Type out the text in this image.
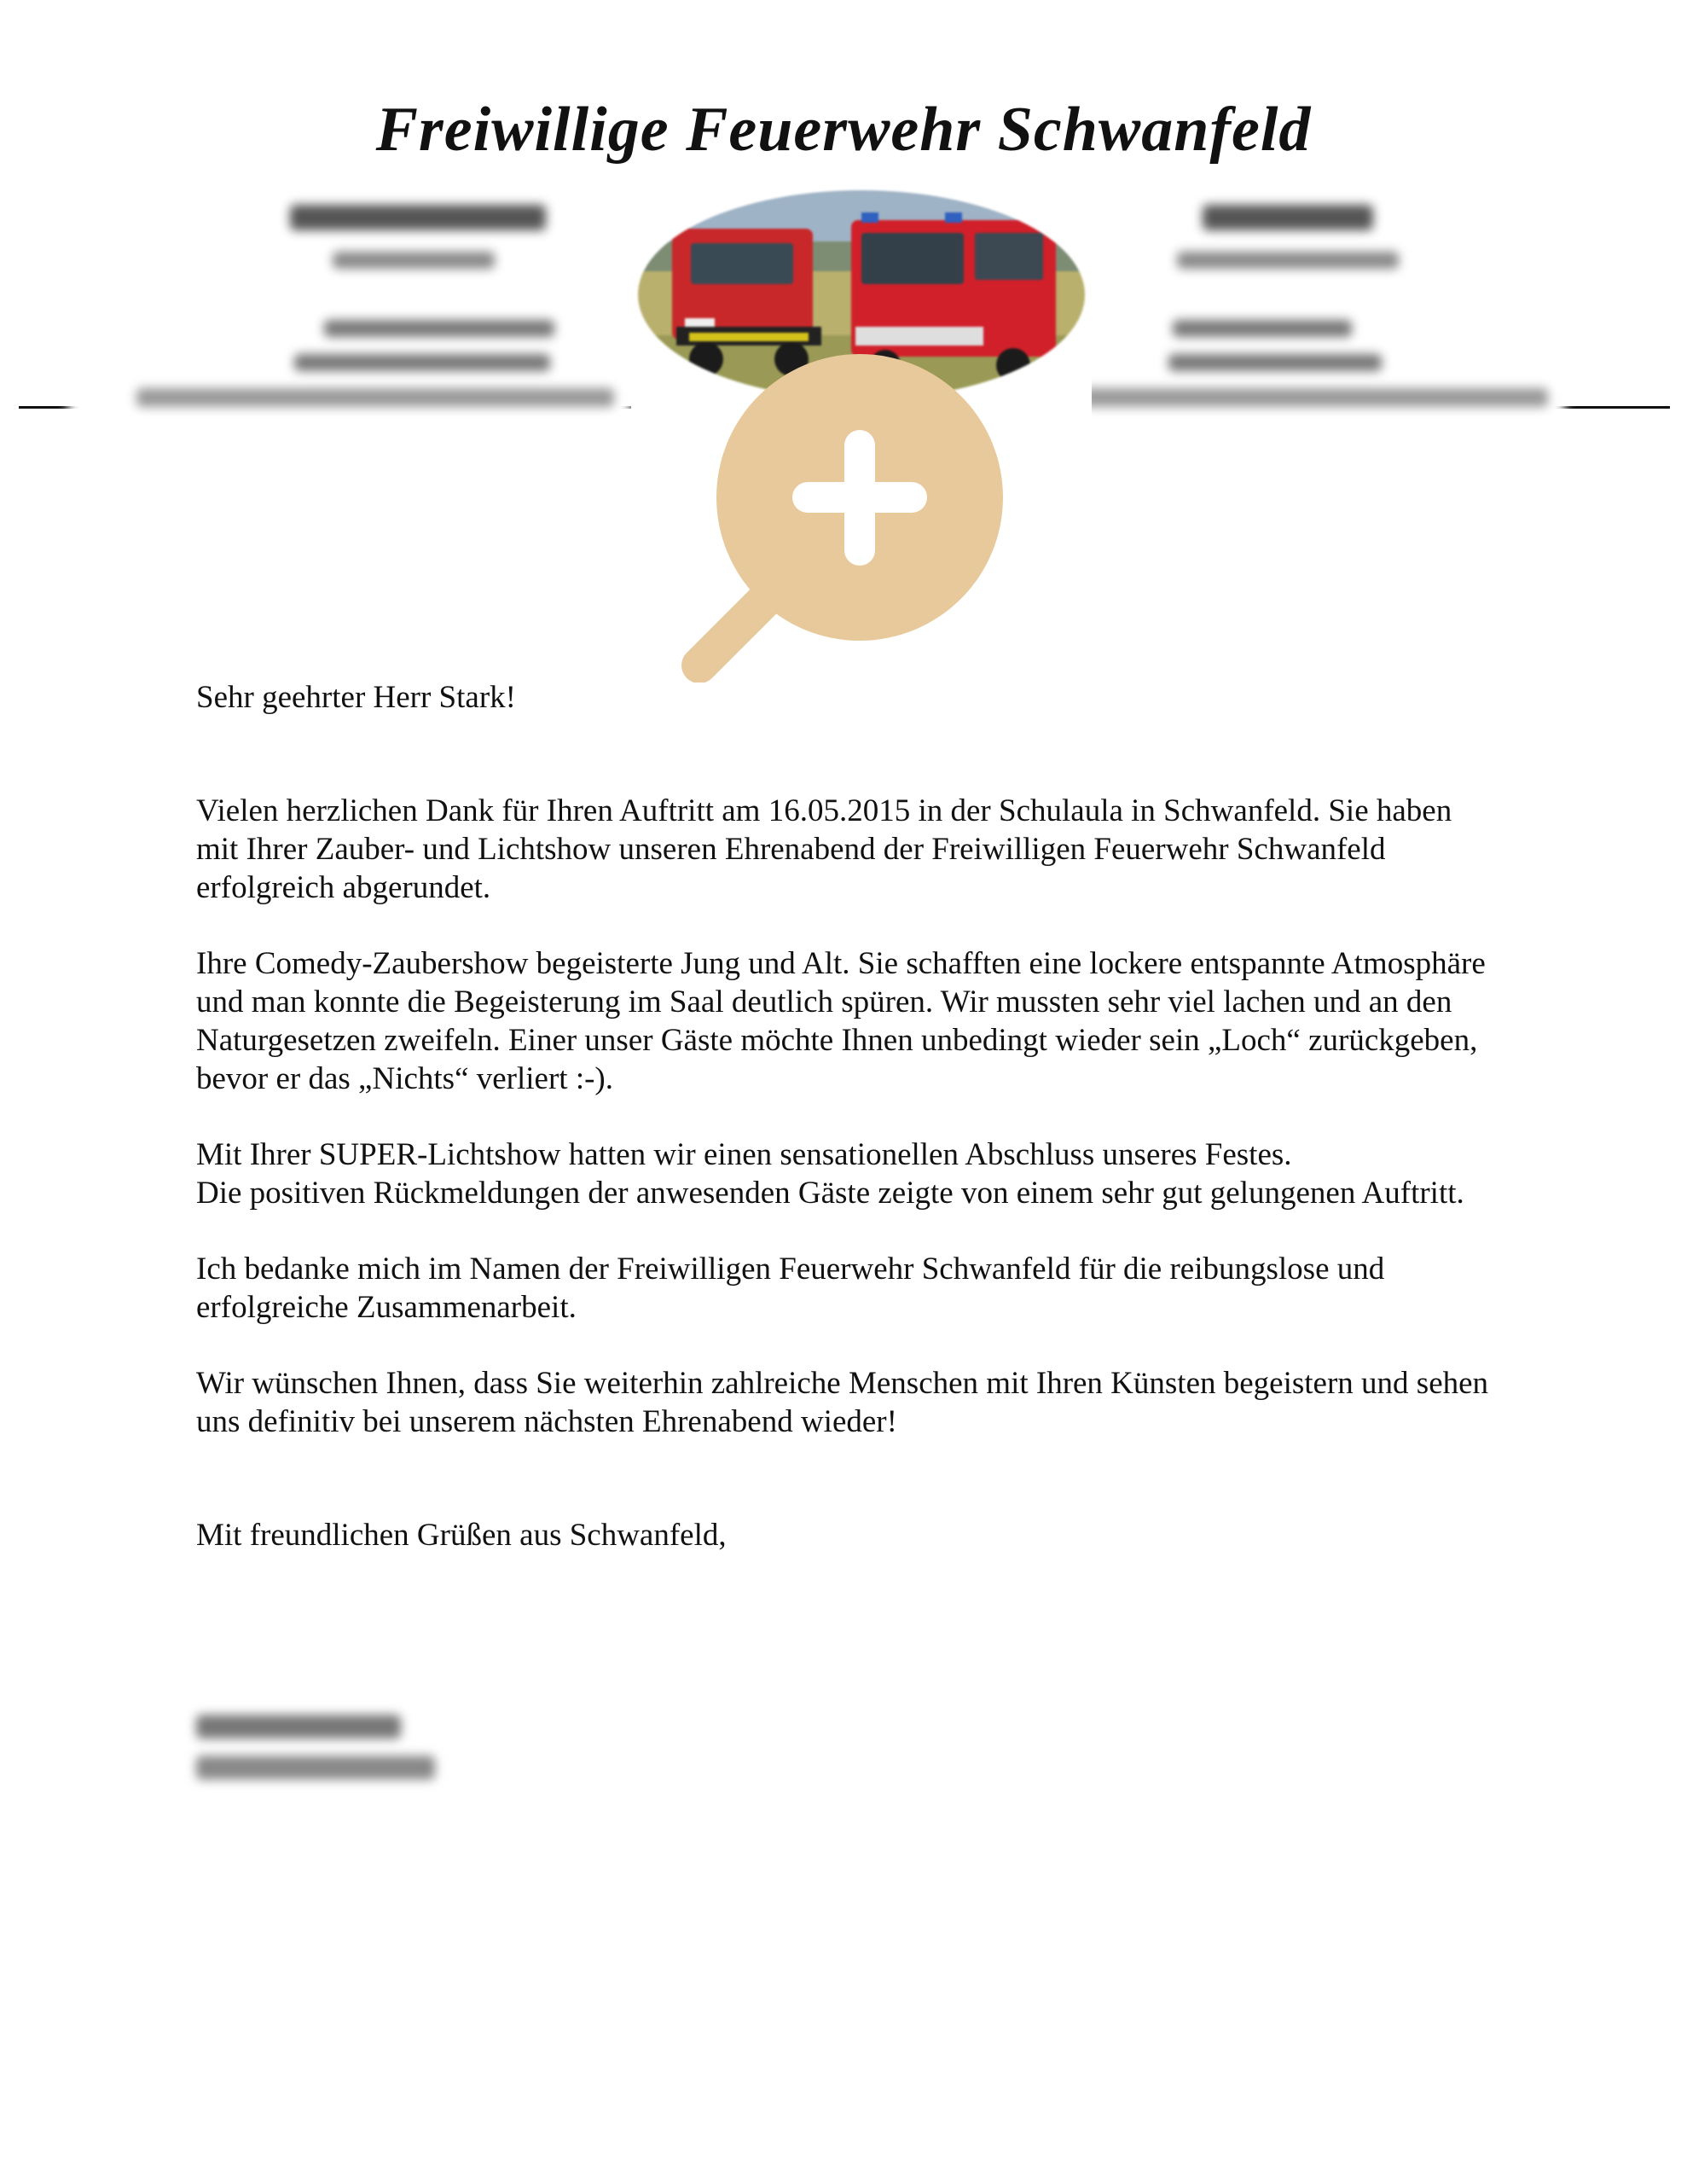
Freiwillige Feuerwehr Schwanfeld

Sehr geehrter Herr Stark!

Vielen herzlichen Dank für Ihren Auftritt am 16.05.2015 in der Schulaula in Schwanfeld. Sie haben mit Ihrer Zauber- und Lichtshow unseren Ehrenabend der Freiwilligen Feuerwehr Schwanfeld erfolgreich abgerundet.

Ihre Comedy-Zaubershow begeisterte Jung und Alt. Sie schafften eine lockere entspannte Atmosphäre und man konnte die Begeisterung im Saal deutlich spüren. Wir mussten sehr viel lachen und an den Naturgesetzen zweifeln. Einer unser Gäste möchte Ihnen unbedingt wieder sein „Loch“ zurückgeben, bevor er das „Nichts“ verliert :-).

Mit Ihrer SUPER-Lichtshow hatten wir einen sensationellen Abschluss unseres Festes.

Die positiven Rückmeldungen der anwesenden Gäste zeigte von einem sehr gut gelungenen Auftritt.

Ich bedanke mich im Namen der Freiwilligen Feuerwehr Schwanfeld für die reibungslose und erfolgreiche Zusammenarbeit.

Wir wünschen Ihnen, dass Sie weiterhin zahlreiche Menschen mit Ihren Künsten begeistern und sehen uns definitiv bei unserem nächsten Ehrenabend wieder!

Mit freundlichen Grüßen aus Schwanfeld,
